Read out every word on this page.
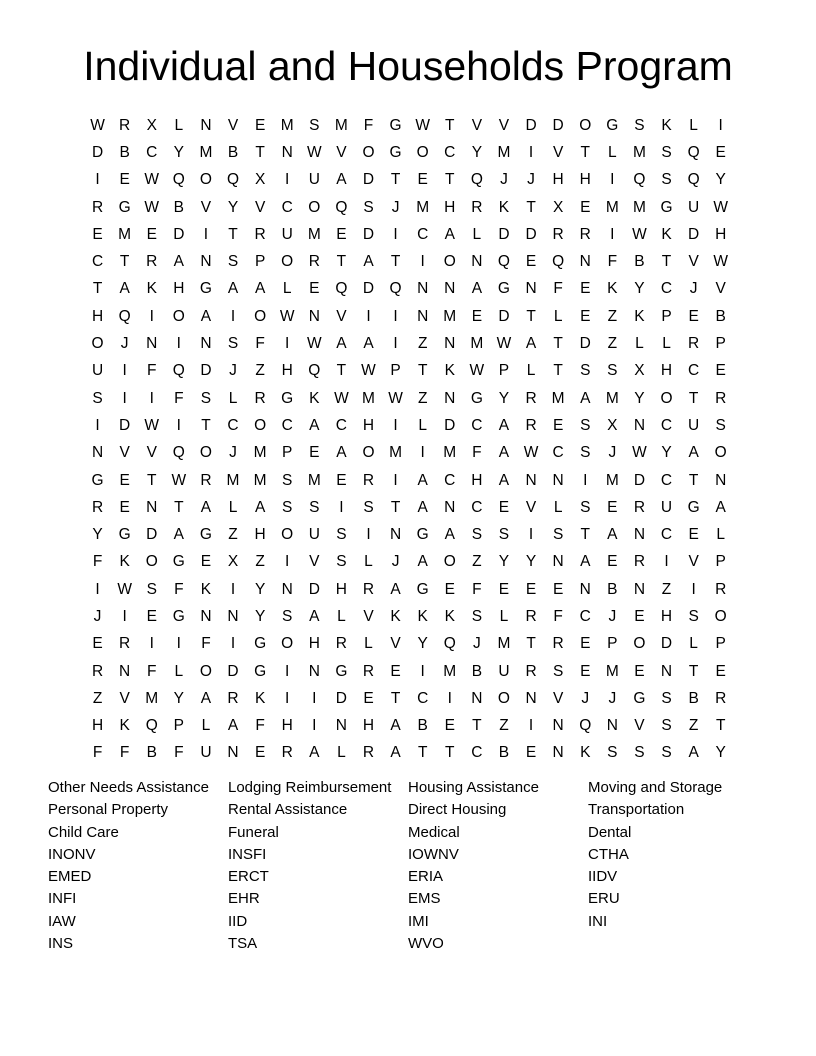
Individual and Households Program
W R	X	L	N	V	E M S M	F	G W T	V	V	D	D O G	S	K	L	I
D	B	C	Y M B	T	N W V	O G O C	Y M	I	V	T	L	M S	Q	E
I	E W Q O Q	X	I	U	A	D	T	E	T	Q	J	J	H	H	I	Q	S	Q	Y
R G W B	V	Y	V	C O Q	S	J	M H	R	K	T	X	E M M G U W
E M E	D	I	T	R	U M E	D	I	C	A	L	D	D	R	R	I	W K	D	H
C	T	R	A	N	S	P	O R	T	A	T	I	O N Q	E	Q N	F	B	T	V W
T	A	K	H G	A	A	L	E	Q D Q N	N	A	G N	F	E	K	Y	C	J	V
H Q	I	O	A	I	O W N	V	I	I	N M E	D	T	L	E	Z	K	P	E	B
O	J	N	I	N	S	F	I	W A	A	I	Z	N M W A	T	D	Z	L	L	R	P
U	I	F	Q D	J	Z	H Q	T W P	T	K W P	L	T	S	S	X	H	C	E
S	I	I	F	S	L	R G	K W M W Z	N G	Y	R M A M Y	O	T	R
I	D W	I	T	C O C	A	C	H	I	L	D	C	A	R	E	S	X	N	C	U	S
N	V	V	Q O	J	M P	E	A	O M	I	M	F	A W C	S	J	W Y	A	O
G	E	T W R M M S M E	R	I	A	C	H	A	N	N	I	M D	C	T	N
R	E	N	T	A	L	A	S	S	I	S	T	A	N	C	E	V	L	S	E	R	U G	A
Y	G D	A	G	Z	H O U	S	I	N G	A	S	S	I	S	T	A	N	C	E	L
F	K	O G	E	X	Z	I	V	S	L	J	A	O	Z	Y	Y	N	A	E	R	I	V	P
I	W S	F	K	I	Y	N	D	H	R	A	G	E	F	E	E	E	N	B	N	Z	I	R
J	I	E	G N	N	Y	S	A	L	V	K	K	K	S	L	R	F	C	J	E	H	S	O
E	R	I	I	F	I	G O H	R	L	V	Y	Q	J	M	T	R	E	P	O D	L	P
R	N	F	L	O D G	I	N G R	E	I	M B	U	R	S	E M E	N	T	E
Z	V M Y	A	R	K	I	I	D	E	T	C	I	N O N	V	J	J	G	S	B	R
H	K	Q	P	L	A	F	H	I	N	H	A	B	E	T	Z	I	N Q N	V	S	Z	T
F	F	B	F	U	N	E	R	A	L	R	A	T	T	C	B	E	N	K	S	S	S	A	Y
Other Needs Assistance	Lodging Reimbursement	Housing Assistance	Moving and Storage
Personal Property	Rental Assistance	Direct Housing	Transportation
Child Care	Funeral	Medical	Dental
INONV	INSFI	IOWNV	CTHA
EMED	ERCT	ERIA	IIDV
INFI	EHR	EMS	ERU
IAW	IID	IMI	INI
INS	TSA	WVO
